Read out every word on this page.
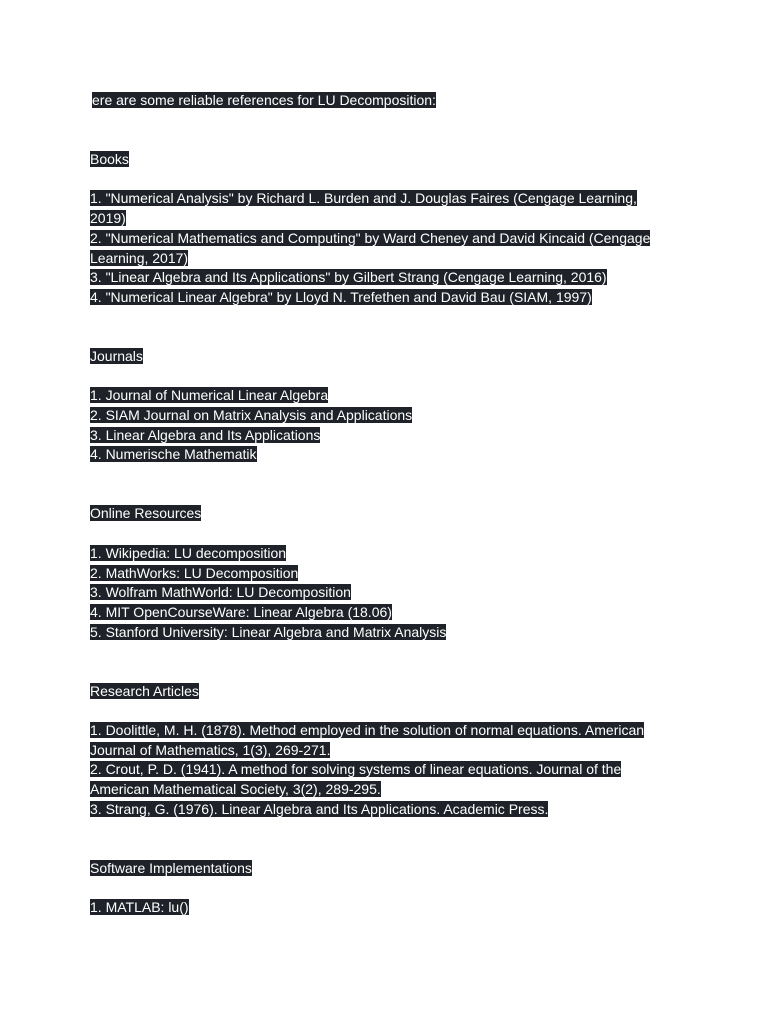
ere are some reliable references for LU Decomposition:
Books
1. "Numerical Analysis" by Richard L. Burden and J. Douglas Faires (Cengage Learning,
2019)
2. "Numerical Mathematics and Computing" by Ward Cheney and David Kincaid (Cengage
Learning, 2017)
3. "Linear Algebra and Its Applications" by Gilbert Strang (Cengage Learning, 2016)
4. "Numerical Linear Algebra" by Lloyd N. Trefethen and David Bau (SIAM, 1997)
Journals
1. Journal of Numerical Linear Algebra
2. SIAM Journal on Matrix Analysis and Applications
3. Linear Algebra and Its Applications
4. Numerische Mathematik
Online Resources
1. Wikipedia: LU decomposition
2. MathWorks: LU Decomposition
3. Wolfram MathWorld: LU Decomposition
4. MIT OpenCourseWare: Linear Algebra (18.06)
5. Stanford University: Linear Algebra and Matrix Analysis
Research Articles
1. Doolittle, M. H. (1878). Method employed in the solution of normal equations. American
Journal of Mathematics, 1(3), 269-271.
2. Crout, P. D. (1941). A method for solving systems of linear equations. Journal of the
American Mathematical Society, 3(2), 289-295.
3. Strang, G. (1976). Linear Algebra and Its Applications. Academic Press.
Software Implementations
1. MATLAB: lu()
